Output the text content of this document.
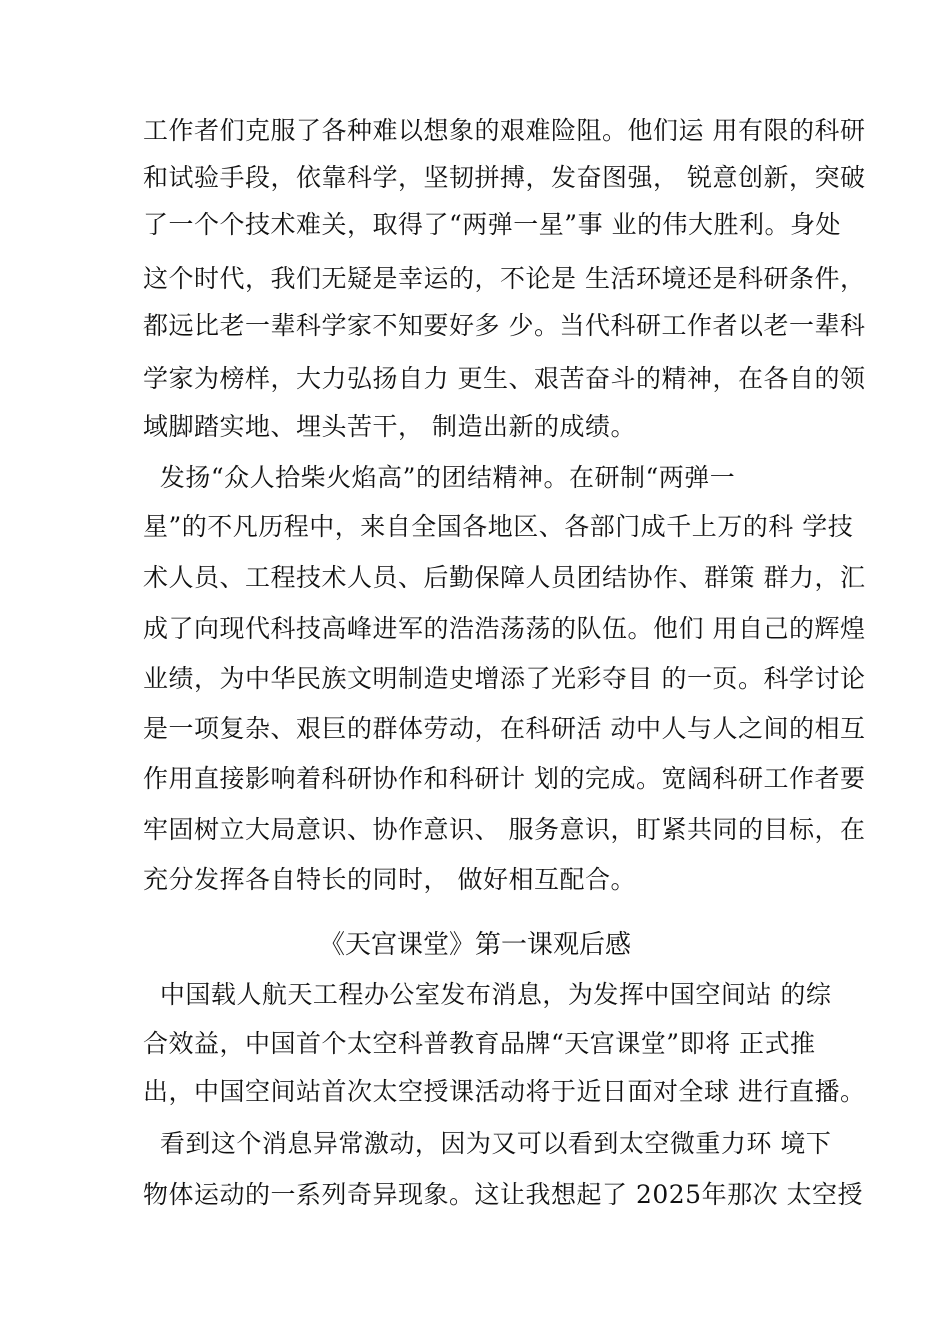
工作者们克服了各种难以想象的艰难险阻。他们运 用有限的科研
和试验手段，依靠科学，坚韧拼搏，发奋图强， 锐意创新，突破
了一个个技术难关，取得了“两弹一星”事 业的伟大胜利。身处
这个时代，我们无疑是幸运的，不论是 生活环境还是科研条件，
都远比老一辈科学家不知要好多 少。当代科研工作者以老一辈科
学家为榜样，大力弘扬自力 更生、艰苦奋斗的精神，在各自的领
域脚踏实地、埋头苦干， 制造出新的成绩。
发扬“众人拾柴火焰高”的团结精神。在研制“两弹一
星”的不凡历程中，来自全国各地区、各部门成千上万的科 学技
术人员、工程技术人员、后勤保障人员团结协作、群策 群力，汇
成了向现代科技高峰进军的浩浩荡荡的队伍。他们 用自己的辉煌
业绩，为中华民族文明制造史增添了光彩夺目 的一页。科学讨论
是一项复杂、艰巨的群体劳动，在科研活 动中人与人之间的相互
作用直接影响着科研协作和科研计 划的完成。宽阔科研工作者要
牢固树立大局意识、协作意识、 服务意识，盯紧共同的目标，在
充分发挥各自特长的同时， 做好相互配合。
《天宫课堂》第一课观后感
中国载人航天工程办公室发布消息，为发挥中国空间站 的综
合效益，中国首个太空科普教育品牌“天宫课堂”即将 正式推
出，中国空间站首次太空授课活动将于近日面对全球 进行直播。
看到这个消息异常激动，因为又可以看到太空微重力环 境下
物体运动的一系列奇异现象。这让我想起了 2025年那次 太空授
